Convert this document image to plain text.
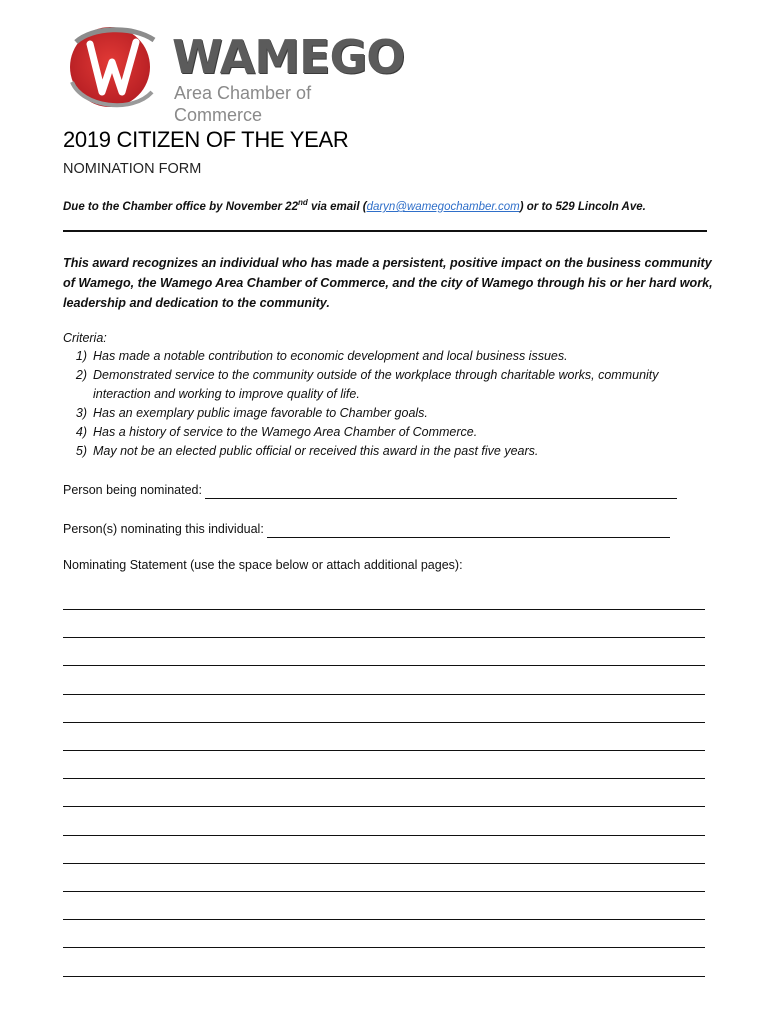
WAMEGO
Area Chamber of Commerce
2019 CITIZEN OF THE YEAR
NOMINATION FORM
Due to the Chamber office by November 22nd via email (daryn@wamegochamber.com) or to 529 Lincoln Ave.
This award recognizes an individual who has made a persistent, positive impact on the business community of Wamego, the Wamego Area Chamber of Commerce, and the city of Wamego through his or her hard work, leadership and dedication to the community.
Criteria:
1) Has made a notable contribution to economic development and local business issues.
2) Demonstrated service to the community outside of the workplace through charitable works, community interaction and working to improve quality of life.
3) Has an exemplary public image favorable to Chamber goals.
4) Has a history of service to the Wamego Area Chamber of Commerce.
5) May not be an elected public official or received this award in the past five years.
Person being nominated:
Person(s) nominating this individual:
Nominating Statement (use the space below or attach additional pages):
